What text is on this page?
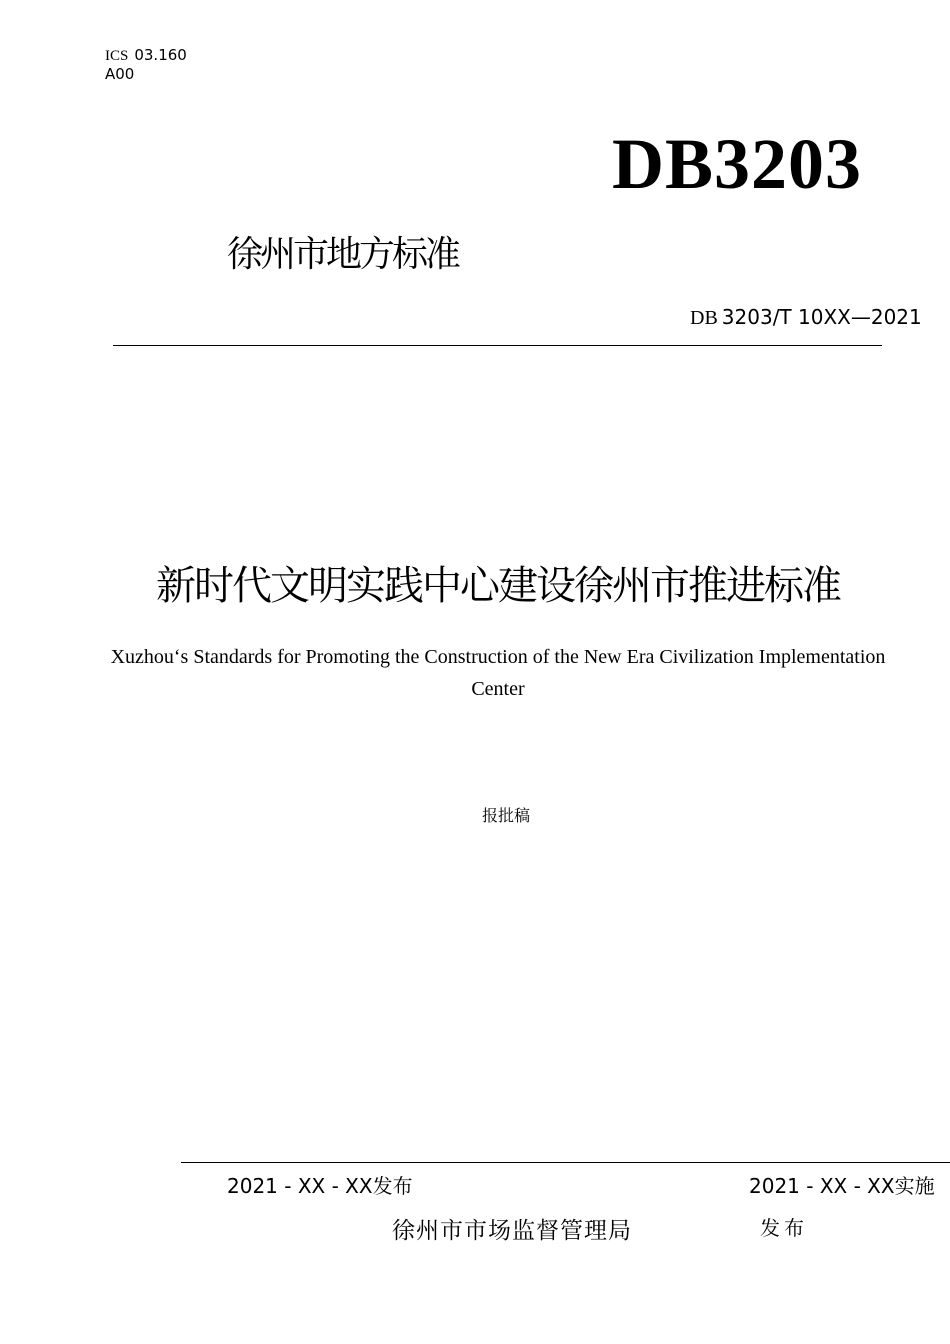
ICS 03.160
A00
DB3203
徐州市地方标准
DB 3203/T 10XX—2021
新时代文明实践中心建设徐州市推进标准
Xuzhou‘s Standards for Promoting the Construction of the New Era Civilization Implementation Center
报批稿
2021 - XX - XX发布	2021 - XX - XX实施
徐州市市场监督管理局	发布
